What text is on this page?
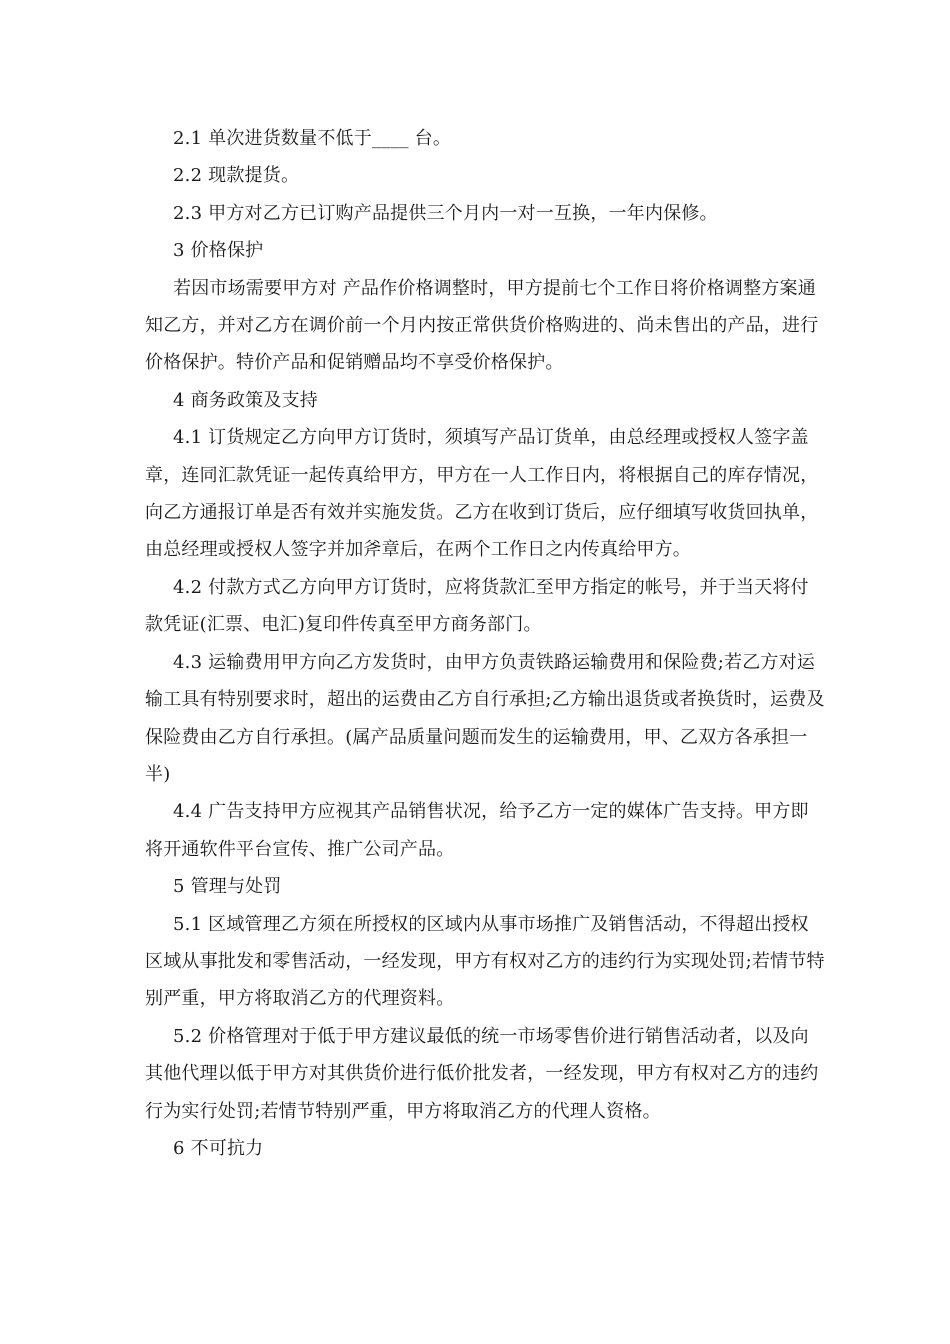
2.1 单次进货数量不低于____ 台。

2.2 现款提货。

2.3 甲方对乙方已订购产品提供三个月内一对一互换，一年内保修。

3 价格保护

若因市场需要甲方对 产品作价格调整时，甲方提前七个工作日将价格调整方案通知乙方，并对乙方在调价前一个月内按正常供货价格购进的、尚未售出的产品，进行价格保护。特价产品和促销赠品均不享受价格保护。

4 商务政策及支持

4.1 订货规定乙方向甲方订货时，须填写产品订货单，由总经理或授权人签字盖章，连同汇款凭证一起传真给甲方，甲方在一人工作日内，将根据自己的库存情况，向乙方通报订单是否有效并实施发货。乙方在收到订货后，应仔细填写收货回执单，由总经理或授权人签字并加斧章后，在两个工作日之内传真给甲方。

4.2 付款方式乙方向甲方订货时，应将货款汇至甲方指定的帐号，并于当天将付款凭证(汇票、电汇)复印件传真至甲方商务部门。

4.3 运输费用甲方向乙方发货时，由甲方负责铁路运输费用和保险费;若乙方对运输工具有特别要求时，超出的运费由乙方自行承担;乙方输出退货或者换货时，运费及保险费由乙方自行承担。(属产品质量问题而发生的运输费用，甲、乙双方各承担一半)

4.4 广告支持甲方应视其产品销售状况，给予乙方一定的媒体广告支持。甲方即将开通软件平台宣传、推广公司产品。

5 管理与处罚

5.1 区域管理乙方须在所授权的区域内从事市场推广及销售活动，不得超出授权区域从事批发和零售活动，一经发现，甲方有权对乙方的违约行为实现处罚;若情节特别严重，甲方将取消乙方的代理资料。

5.2 价格管理对于低于甲方建议最低的统一市场零售价进行销售活动者，以及向其他代理以低于甲方对其供货价进行低价批发者，一经发现，甲方有权对乙方的违约行为实行处罚;若情节特别严重，甲方将取消乙方的代理人资格。

6 不可抗力
